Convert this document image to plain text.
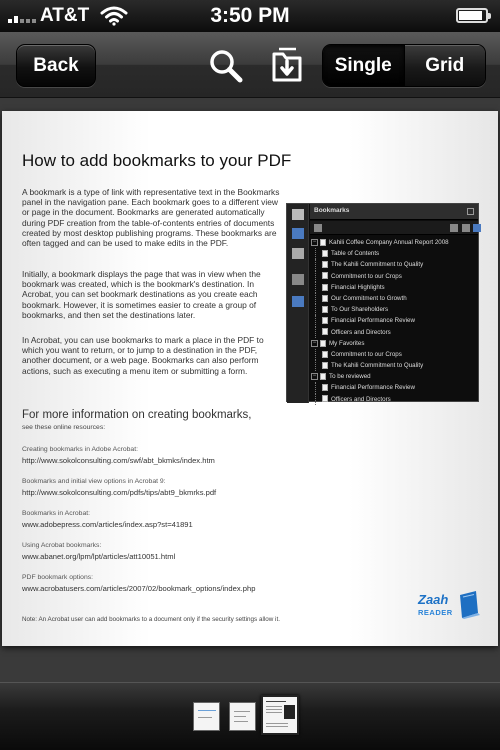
AT&T	3:50 PM
Back	Single	Grid
How to add bookmarks to your PDF
A bookmark is a type of link with representative text in the Bookmarks panel in the navigation pane. Each bookmark goes to a different view or page in the document. Bookmarks are generated automatically during PDF creation from the table-of-contents entries of documents created by most desktop publishing programs. These bookmarks are often tagged and can be used to make edits in the PDF.
Initially, a bookmark displays the page that was in view when the bookmark was created, which is the bookmark's destination. In Acrobat, you can set bookmark destinations as you create each bookmark. However, it is sometimes easier to create a group of bookmarks, and then set the destinations later.
In Acrobat, you can use bookmarks to mark a place in the PDF to which you want to return, or to jump to a destination in the PDF, another document, or a web page. Bookmarks can also perform actions, such as executing a menu item or submitting a form.
Bookmarks
− Kahili Coffee Company Annual Report 2008
Table of Contents
The Kahili Commitment to Quality
Commitment to our Crops
Financial Highlights
Our Commitment to Growth
To Our Shareholders
Financial Performance Review
Officers and Directors
− My Favorites
Commitment to our Crops
The Kahili Commitment to Quality
− To be reviewed
Financial Performance Review
Officers and Directors
For more information on creating bookmarks,
see these online resources:
Creating bookmarks in Adobe Acrobat:
http://www.sokolconsulting.com/swf/abt_bkmks/index.htm
Bookmarks and initial view options in Acrobat 9:
http://www.sokolconsulting.com/pdfs/tips/abt9_bkmrks.pdf
Bookmarks in Acrobat:
www.adobepress.com/articles/index.asp?st=41891
Using Acrobat bookmarks:
www.abanet.org/lpm/lpt/articles/att10051.html
PDF bookmark options:
www.acrobatusers.com/articles/2007/02/bookmark_options/index.php
Note: An Acrobat user can add bookmarks to a document only if the security settings allow it.
Zaah
READER
